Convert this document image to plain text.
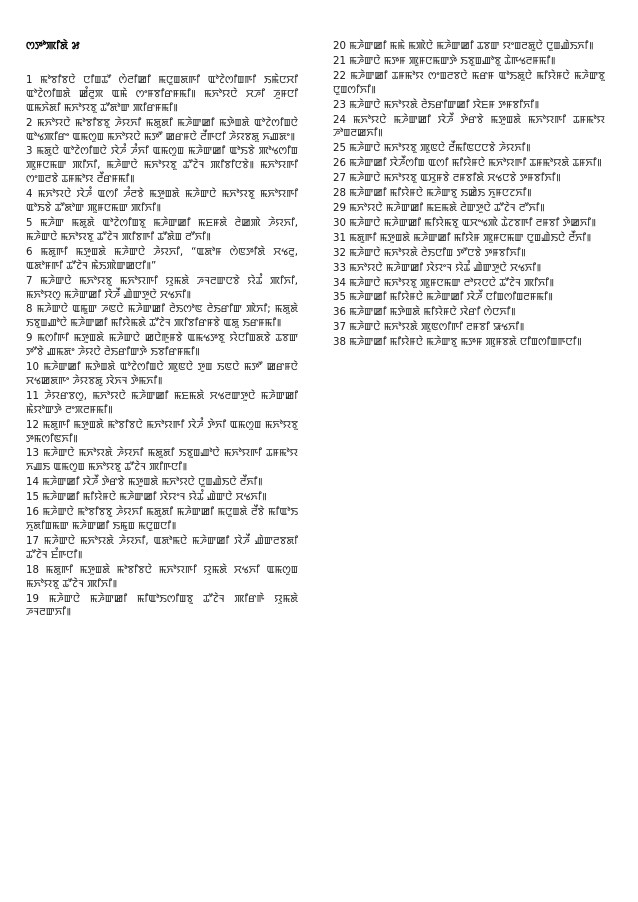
ꯁꯇꯣꯄꯤꯗꯥ ꯷
1 ꯃꯣꯕꯤꯕꯅꯥ ꯅꯤꯡꯊꯧ ꯁꯥꯂꯤꯀꯤ ꯃꯅꯨꯡꯗꯒꯤ ꯑꯣꯖꯥꯁꯤꯡꯒꯤ ꯏꯃꯥꯅꯆꯤ ꯑꯣꯖꯥꯁꯤꯡꯗꯥ ꯀꯪꯂꯨꯞ ꯑꯃꯥ ꯁꯦꯝꯕꯤꯔꯝꯃꯤ꯫ ꯃꯈꯣꯌꯅꯥ ꯆꯍꯤ ꯍꯨꯝꯅꯤ ꯑꯃꯈꯥꯗꯤ ꯃꯈꯣꯌꯕꯨ ꯊꯧꯗꯣꯛ ꯄꯤꯔꯝꯃꯤ꯫
2 ꯃꯈꯣꯌꯅꯥ ꯃꯣꯕꯤꯕꯕꯨ ꯍꯥꯌꯈꯤ ꯃꯗꯨꯗꯤ ꯃꯍꯥꯛꯀꯤ ꯃꯇꯥꯡꯗꯥ ꯑꯣꯖꯥꯁꯤꯡꯅꯥ ꯑꯣꯠꯄꯤꯔꯦ ꯑꯃꯁꯨꯡ ꯃꯈꯣꯌꯅꯥ ꯃꯇꯧ ꯀꯔꯝꯅꯥ ꯂꯩꯒꯅꯤ ꯍꯥꯌꯕꯗꯨ ꯈꯉꯗꯦ꯫
3 ꯃꯗꯨꯅꯥ ꯑꯣꯖꯥꯁꯤꯡꯅꯥ ꯋꯥꯍꯪ ꯍꯪꯈꯤ ꯑꯃꯁꯨꯡ ꯃꯍꯥꯛꯀꯤ ꯑꯣꯏꯕꯥ ꯄꯣꯠꯁꯤꯡ ꯄꯨꯝꯅꯃꯛ ꯄꯤꯈꯤ, ꯃꯍꯥꯛꯅꯥ ꯃꯈꯣꯌꯕꯨ ꯊꯧꯖꯥꯜ ꯄꯤꯕꯤꯅꯕꯥ꯫ ꯃꯈꯣꯌꯒꯤ ꯁꯦꯡꯂꯕꯥ ꯊꯝꯃꯣꯌ ꯂꯩꯔꯝꯃꯤ꯫
4 ꯃꯈꯣꯌꯅꯥ ꯋꯥꯍꯪ ꯑꯁꯤ ꯍꯪꯂꯕꯥ ꯃꯇꯨꯡꯗꯥ ꯃꯍꯥꯛꯅꯥ ꯃꯈꯣꯌꯕꯨ ꯃꯈꯣꯌꯒꯤ ꯑꯣꯏꯕꯥ ꯊꯧꯗꯣꯛ ꯄꯨꯝꯅꯃꯛ ꯄꯤꯈꯤ꯫
5 ꯃꯍꯥꯛ ꯃꯗꯨꯗꯥ ꯑꯣꯖꯥꯁꯤꯡꯕꯨ ꯃꯍꯥꯛꯀꯤ ꯃꯐꯝꯗꯥ ꯂꯥꯀꯄꯥ ꯍꯥꯌꯈꯤ, ꯃꯍꯥꯛꯅꯥ ꯃꯈꯣꯌꯕꯨ ꯊꯧꯖꯥꯜ ꯄꯤꯕꯒꯤ ꯊꯧꯗꯥꯡ ꯂꯧꯈꯤ꯫
6 ꯃꯗꯨꯒꯤ ꯃꯇꯨꯡꯗꯥ ꯃꯍꯥꯛꯅꯥ ꯍꯥꯌꯈꯤ, “ꯑꯗꯣꯝ ꯁꯥꯟꯇꯤꯗꯥ ꯆꯠꯂꯨ, ꯑꯗꯣꯝꯒꯤ ꯊꯧꯖꯥꯜ ꯃꯥꯏꯄꯥꯛꯀꯅꯤ꯫”
7 ꯃꯍꯥꯛꯅꯥ ꯃꯈꯣꯌꯕꯨ ꯃꯈꯣꯌꯒꯤ ꯌꯨꯃꯗꯥ ꯍꯜꯂꯛꯅꯕꯥ ꯌꯥꯊꯪ ꯄꯤꯈꯤ, ꯃꯈꯣꯌꯁꯨ ꯃꯍꯥꯛꯀꯤ ꯋꯥꯍꯩ ꯉꯥꯛꯇꯨꯅꯥ ꯆꯠꯈꯤ꯫
8 ꯃꯍꯥꯛꯅꯥ ꯑꯃꯨꯛ ꯍꯟꯅꯥ ꯃꯍꯥꯛꯀꯤ ꯂꯥꯏꯁꯣꯟ ꯂꯥꯏꯔꯤꯛ ꯄꯥꯈꯤ; ꯃꯗꯨꯗꯥ ꯏꯕꯨꯡꯉꯣꯅꯥ ꯃꯍꯥꯛꯀꯤ ꯃꯤꯌꯥꯃꯗꯥ ꯊꯧꯖꯥꯜ ꯄꯤꯕꯤꯔꯝꯕꯥ ꯑꯗꯨ ꯏꯔꯝꯃꯤ꯫
9 ꯃꯁꯤꯒꯤ ꯃꯇꯨꯡꯗꯥ ꯃꯍꯥꯛꯅꯥ ꯀꯅꯥꯒꯨꯝꯕꯥ ꯑꯃꯠꯇꯕꯨ ꯌꯥꯅꯤꯡꯗꯕꯥ ꯊꯕꯛ ꯇꯧꯕꯥ ꯉꯃꯗꯦ ꯍꯥꯌꯅꯥ ꯂꯥꯏꯔꯤꯛꯇꯥ ꯏꯕꯤꯔꯝꯃꯤ꯫
10 ꯃꯍꯥꯛꯀꯤ ꯃꯇꯥꯡꯗꯥ ꯑꯣꯖꯥꯁꯤꯡꯅꯥ ꯄꯨꯟꯅꯥ ꯇꯨꯡ ꯏꯟꯅꯥ ꯃꯇꯧ ꯀꯔꯝꯅꯥ ꯆꯠꯀꯗꯒꯦ ꯍꯥꯌꯕꯗꯨ ꯋꯥꯈꯜ ꯇꯥꯃꯈꯤ꯫
11 ꯍꯥꯌꯔꯕꯁꯨ, ꯃꯈꯣꯌꯅꯥ ꯃꯍꯥꯛꯀꯤ ꯃꯐꯃꯗꯥ ꯆꯠꯂꯛꯇꯨꯅꯥ ꯃꯍꯥꯛꯀꯤ ꯃꯥꯌꯣꯛꯇꯥ ꯂꯦꯞꯂꯝꯃꯤ꯫
12 ꯃꯗꯨꯒꯤ ꯃꯇꯨꯡꯗꯥ ꯃꯣꯕꯤꯕꯅꯥ ꯃꯈꯣꯌꯒꯤ ꯋꯥꯍꯪ ꯇꯥꯈꯤ ꯑꯃꯁꯨꯡ ꯃꯈꯣꯌꯕꯨ ꯇꯃꯁꯤꯟꯈꯤ꯫
13 ꯃꯍꯥꯛꯅꯥ ꯃꯈꯣꯌꯗꯥ ꯍꯥꯌꯈꯤ ꯃꯗꯨꯗꯤ ꯏꯕꯨꯡꯉꯣꯅꯥ ꯃꯈꯣꯌꯒꯤ ꯊꯝꯃꯣꯌ ꯈꯉꯏ ꯑꯃꯁꯨꯡ ꯃꯈꯣꯌꯕꯨ ꯊꯧꯖꯥꯜ ꯄꯤꯒꯅꯤ꯫
14 ꯃꯍꯥꯛꯀꯤ ꯋꯥꯍꯩ ꯇꯥꯔꯕꯥ ꯃꯇꯨꯡꯗꯥ ꯃꯈꯣꯌꯅꯥ ꯅꯨꯡꯉꯥꯏꯅꯥ ꯂꯩꯈꯤ꯫
15 ꯃꯍꯥꯛꯀꯤ ꯃꯤꯌꯥꯝꯅꯥ ꯃꯍꯥꯛꯀꯤ ꯋꯥꯌꯦꯜ ꯌꯥꯊꯪ ꯉꯥꯛꯅꯥ ꯆꯠꯈꯤ꯫
16 ꯃꯍꯥꯛꯅꯥ ꯃꯣꯕꯤꯕꯕꯨ ꯍꯥꯌꯈꯤ ꯃꯗꯨꯗꯤ ꯃꯍꯥꯛꯀꯤ ꯃꯅꯨꯡꯗꯥ ꯂꯩꯕꯥ ꯃꯤꯑꯣꯏ ꯈꯨꯗꯤꯡꯃꯛ ꯃꯍꯥꯛꯀꯤ ꯏꯃꯨꯡ ꯃꯅꯨꯡꯅꯤ꯫
17 ꯃꯍꯥꯛꯅꯥ ꯃꯈꯣꯌꯗꯥ ꯍꯥꯌꯈꯤ, ꯑꯗꯣꯃꯅꯥ ꯃꯍꯥꯛꯀꯤ ꯋꯥꯍꯩ ꯉꯥꯛꯂꯕꯗꯤ ꯊꯧꯖꯥꯜ ꯐꯪꯒꯅꯤ꯫
18 ꯃꯗꯨꯒꯤ ꯃꯇꯨꯡꯗꯥ ꯃꯣꯕꯤꯕꯅꯥ ꯃꯈꯣꯌꯒꯤ ꯌꯨꯃꯗꯥ ꯆꯠꯈꯤ ꯑꯃꯁꯨꯡ ꯃꯈꯣꯌꯕꯨ ꯊꯧꯖꯥꯜ ꯄꯤꯈꯤ꯫
19 ꯃꯍꯥꯛꯅꯥ ꯃꯍꯥꯛꯀꯤ ꯃꯤꯑꯣꯏꯁꯤꯡꯕꯨ ꯊꯧꯖꯥꯜ ꯄꯤꯔꯒꯥ ꯌꯨꯃꯗꯥ ꯍꯜꯂꯛꯈꯤ꯫
20 ꯃꯍꯥꯛꯀꯤ ꯃꯃꯥ ꯃꯄꯥꯅꯥ ꯃꯍꯥꯛꯀꯤ ꯊꯕꯛ ꯌꯦꯡꯂꯗꯨꯅꯥ ꯅꯨꯡꯉꯥꯏꯈꯤ꯫
21 ꯃꯍꯥꯛꯅꯥ ꯃꯇꯝ ꯄꯨꯝꯅꯃꯛꯇꯥ ꯏꯕꯨꯡꯉꯣꯕꯨ ꯊꯥꯒꯠꯂꯝꯃꯤ꯫
22 ꯃꯍꯥꯛꯀꯤ ꯊꯝꯃꯣꯌ ꯁꯦꯡꯂꯕꯅꯥ ꯃꯔꯝ ꯑꯣꯏꯗꯨꯅꯥ ꯃꯤꯌꯥꯝꯅꯥ ꯃꯍꯥꯛꯕꯨ ꯅꯨꯡꯁꯤꯈꯤ꯫
23 ꯃꯍꯥꯛꯅꯥ ꯃꯈꯣꯌꯗꯥ ꯂꯥꯏꯔꯤꯛꯀꯤ ꯋꯥꯐꯝ ꯇꯝꯕꯤꯈꯤ꯫
24 ꯃꯈꯣꯌꯅꯥ ꯃꯍꯥꯛꯀꯤ ꯋꯥꯍꯩ ꯇꯥꯔꯕꯥ ꯃꯇꯨꯡꯗꯥ ꯃꯈꯣꯌꯒꯤ ꯊꯝꯃꯣꯌ ꯍꯣꯡꯂꯀꯈꯤ꯫
25 ꯃꯍꯥꯛꯅꯥ ꯃꯈꯣꯌꯕꯨ ꯄꯨꯟꯅꯥ ꯂꯩꯃꯤꯟꯅꯅꯕꯥ ꯍꯥꯌꯈꯤ꯫
26 ꯃꯍꯥꯛꯀꯤ ꯋꯥꯍꯩꯁꯤꯡ ꯑꯁꯤ ꯃꯤꯌꯥꯝꯅꯥ ꯃꯈꯣꯌꯒꯤ ꯊꯝꯃꯣꯌꯗꯥ ꯊꯝꯈꯤ꯫
27 ꯃꯍꯥꯛꯅꯥ ꯃꯈꯣꯌꯕꯨ ꯑꯆꯨꯝꯕꯥ ꯂꯝꯕꯤꯗꯥ ꯆꯠꯅꯕꯥ ꯇꯝꯕꯤꯈꯤ꯫
28 ꯃꯍꯥꯛꯀꯤ ꯃꯤꯌꯥꯝꯅꯥ ꯃꯍꯥꯛꯕꯨ ꯏꯀꯥꯏ ꯈꯨꯝꯅꯖꯈꯤ꯫
29 ꯃꯈꯣꯌꯅꯥ ꯃꯍꯥꯛꯀꯤ ꯃꯐꯃꯗꯥ ꯂꯥꯛꯇꯨꯅꯥ ꯊꯧꯖꯥꯜ ꯂꯧꯈꯤ꯫
30 ꯃꯍꯥꯛꯅꯥ ꯃꯍꯥꯛꯀꯤ ꯃꯤꯌꯥꯃꯕꯨ ꯑꯆꯦꯠꯄꯥ ꯊꯥꯖꯕꯒꯤ ꯂꯝꯕꯤ ꯇꯥꯀꯈꯤ꯫
31 ꯃꯗꯨꯒꯤ ꯃꯇꯨꯡꯗꯥ ꯃꯍꯥꯛꯀꯤ ꯃꯤꯌꯥꯝ ꯄꯨꯝꯅꯃꯛ ꯅꯨꯡꯉꯥꯏꯅꯥ ꯂꯩꯈꯤ꯫
32 ꯃꯍꯥꯛꯅꯥ ꯃꯈꯣꯌꯗꯥ ꯂꯥꯏꯅꯤꯡ ꯇꯧꯅꯕꯥ ꯇꯝꯕꯤꯈꯤ꯫
33 ꯃꯈꯣꯌꯅꯥ ꯃꯍꯥꯛꯀꯤ ꯋꯥꯌꯦꯜ ꯌꯥꯊꯪ ꯉꯥꯛꯇꯨꯅꯥ ꯆꯠꯈꯤ꯫
34 ꯃꯍꯥꯛꯅꯥ ꯃꯈꯣꯌꯕꯨ ꯄꯨꯝꯅꯃꯛ ꯂꯣꯌꯅꯅꯥ ꯊꯧꯖꯥꯜ ꯄꯤꯈꯤ꯫
35 ꯃꯍꯥꯛꯀꯤ ꯃꯤꯌꯥꯝꯅꯥ ꯃꯍꯥꯛꯀꯤ ꯋꯥꯍꯩ ꯅꯤꯡꯁꯤꯡꯂꯝꯃꯤ꯫
36 ꯃꯍꯥꯛꯀꯤ ꯃꯇꯥꯡꯗꯥ ꯃꯤꯌꯥꯝꯅꯥ ꯋꯥꯔꯤ ꯁꯥꯅꯈꯤ꯫
37 ꯃꯍꯥꯛꯅꯥ ꯃꯈꯣꯌꯗꯥ ꯄꯨꯟꯁꯤꯒꯤ ꯂꯝꯕꯤ ꯎꯠꯈꯤ꯫
38 ꯃꯍꯥꯛꯀꯤ ꯃꯤꯌꯥꯝꯅꯥ ꯃꯍꯥꯛꯕꯨ ꯃꯇꯝ ꯄꯨꯝꯕꯗꯥ ꯅꯤꯡꯁꯤꯡꯒꯅꯤ꯫
